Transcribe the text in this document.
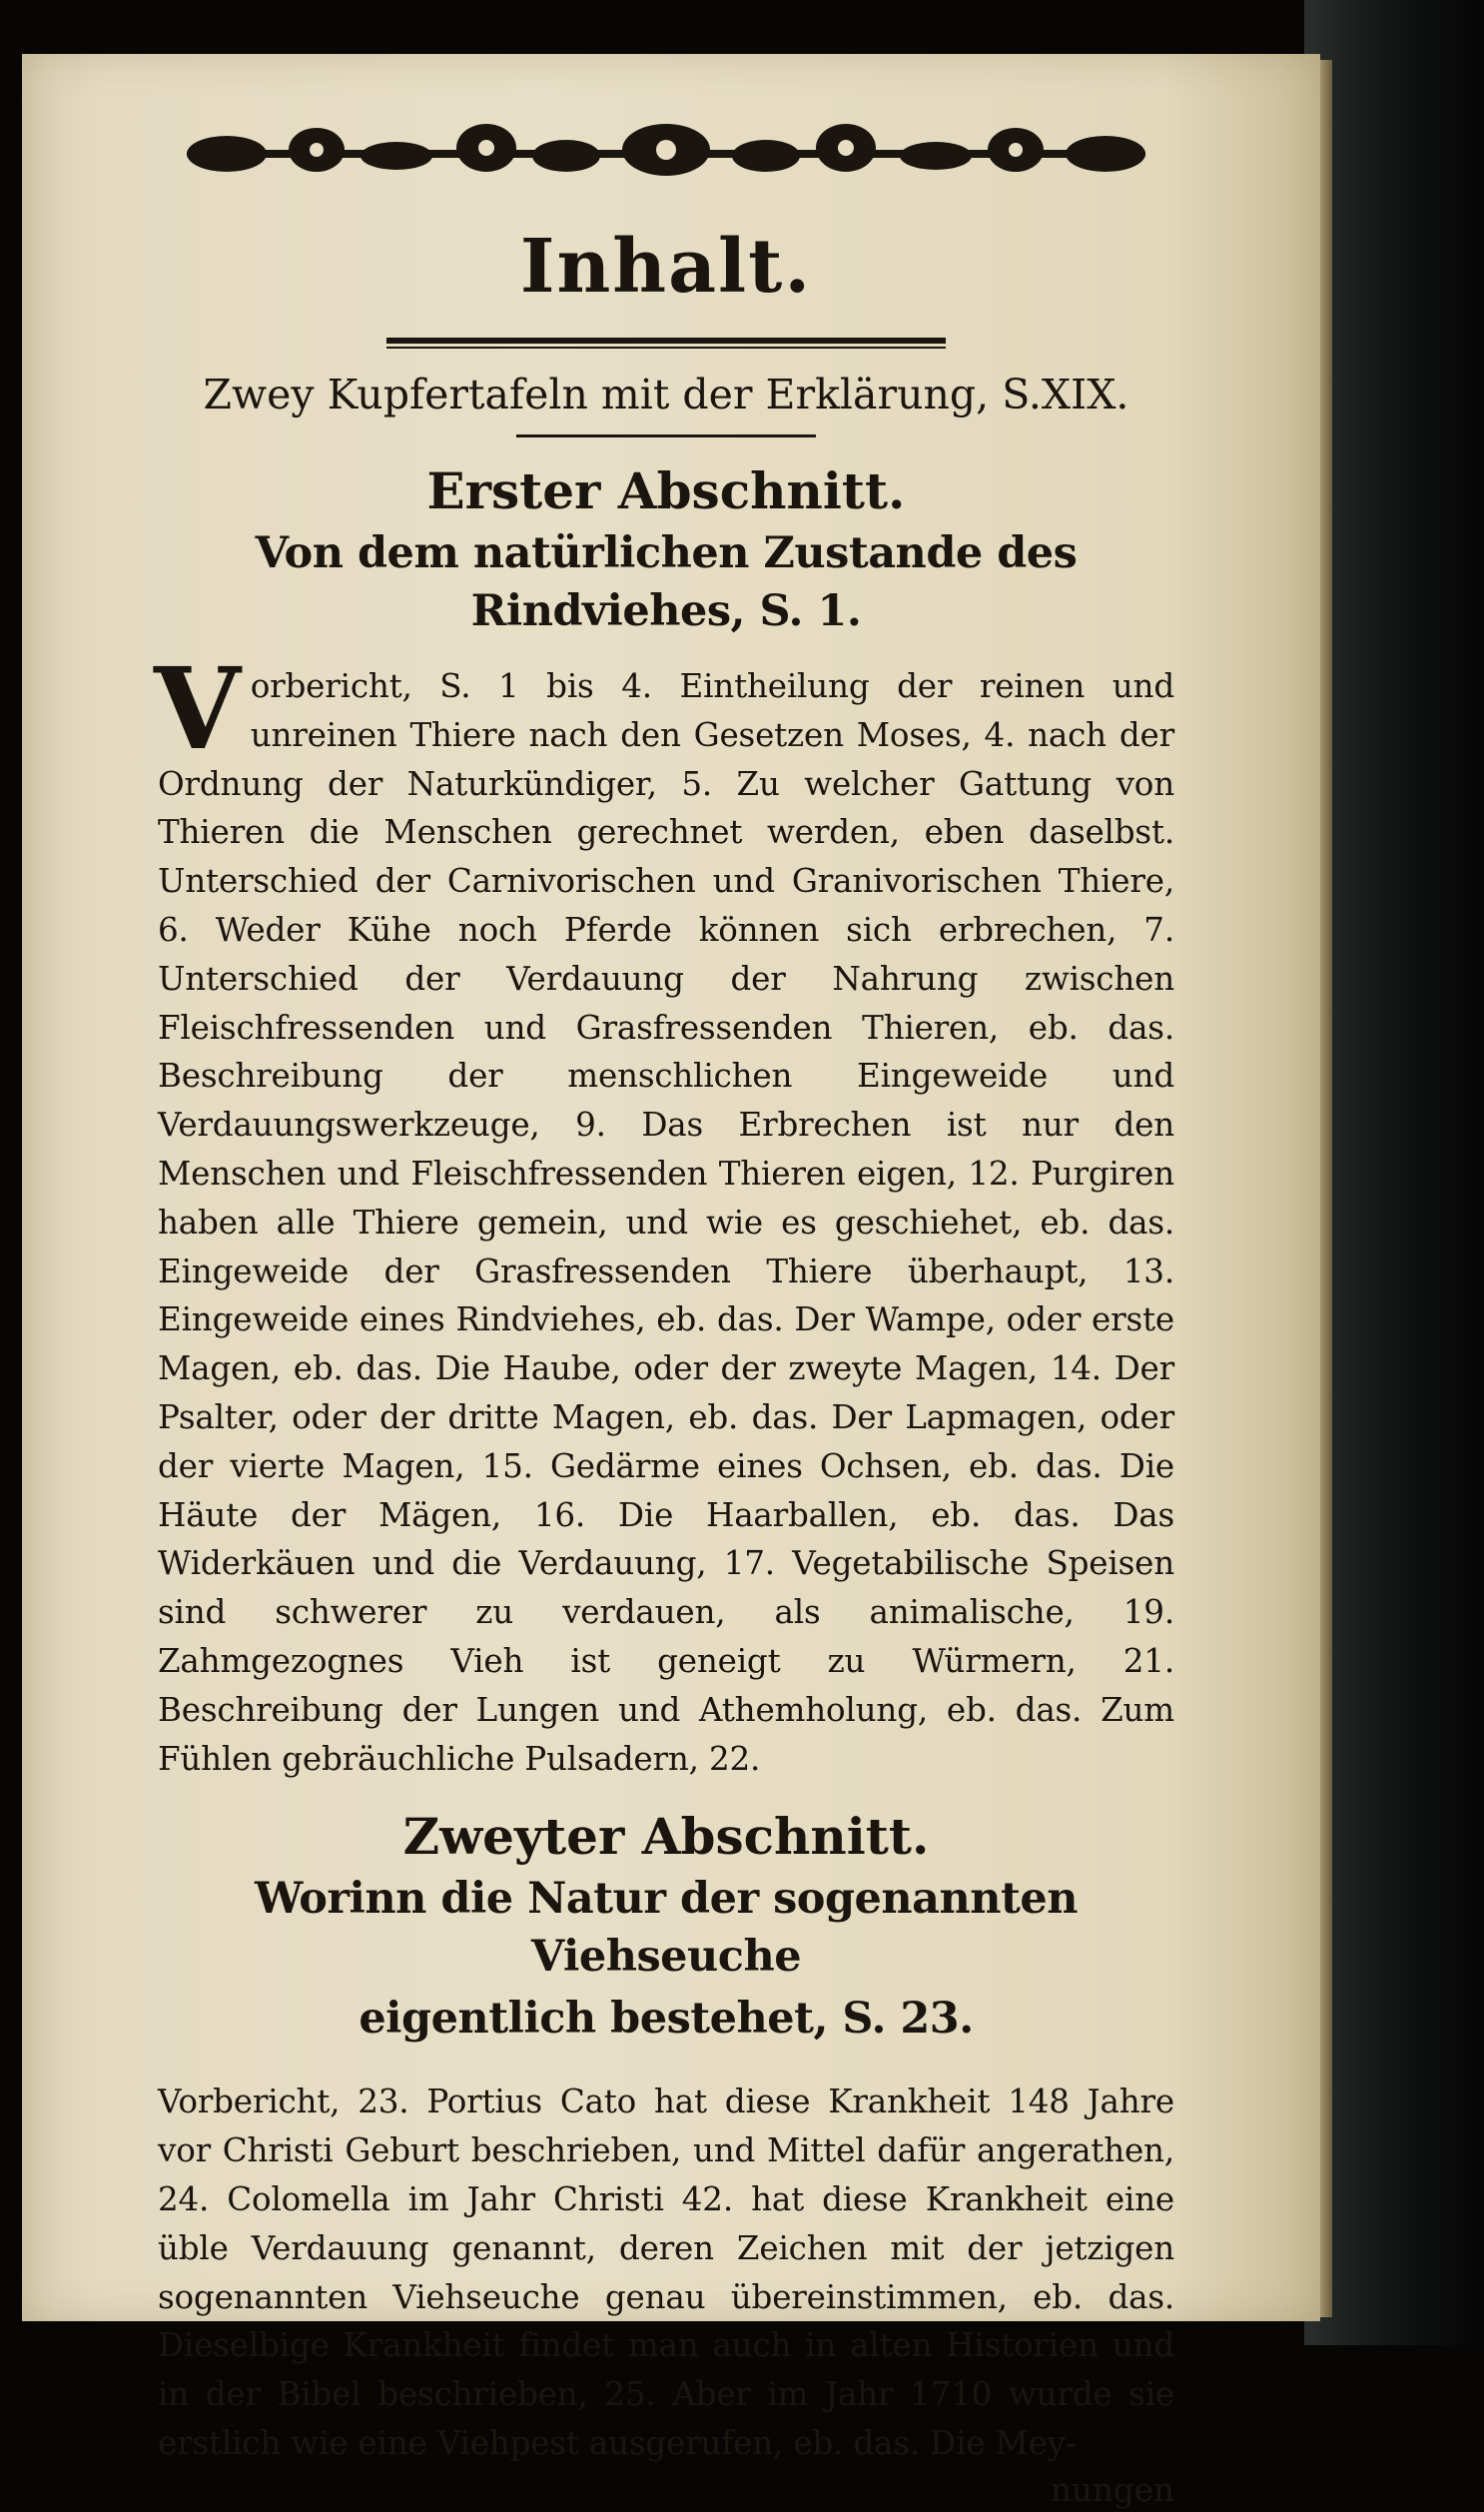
Inhalt.
Zwey Kupfertafeln mit der Erklärung, S.XIX.
Erster Abschnitt.
Von dem natürlichen Zustande des Rindviehes, S. 1.
V orbericht, S. 1 bis 4. Eintheilung der reinen und unreinen Thiere nach den Gesetzen Moses, 4. nach der Ordnung der Naturkündiger, 5. Zu welcher Gattung von Thieren die Menschen gerechnet werden, eben daselbst. Unterschied der Carnivorischen und Granivorischen Thiere, 6. Weder Kühe noch Pferde können sich erbrechen, 7. Unterschied der Verdauung der Nahrung zwischen Fleischfressenden und Grasfressenden Thieren, eb. das. Beschreibung der menschlichen Eingeweide und Verdauungswerkzeuge, 9. Das Erbrechen ist nur den Menschen und Fleischfressenden Thieren eigen, 12. Purgiren haben alle Thiere gemein, und wie es geschiehet, eb. das. Eingeweide der Grasfressenden Thiere überhaupt, 13. Eingeweide eines Rindviehes, eb. das. Der Wampe, oder erste Magen, eb. das. Die Haube, oder der zweyte Magen, 14. Der Psalter, oder der dritte Magen, eb. das. Der Lapmagen, oder der vierte Magen, 15. Gedärme eines Ochsen, eb. das. Die Häute der Mägen, 16. Die Haarballen, eb. das. Das Widerkäuen und die Verdauung, 17. Vegetabilische Speisen sind schwerer zu verdauen, als animalische, 19. Zahmgezognes Vieh ist geneigt zu Würmern, 21. Beschreibung der Lungen und Athemholung, eb. das. Zum Fühlen gebräuchliche Pulsadern, 22.
Zweyter Abschnitt.
Worinn die Natur der sogenannten Viehseuche
eigentlich bestehet, S. 23.
Vorbericht, 23. Portius Cato hat diese Krankheit 148 Jahre vor Christi Geburt beschrieben, und Mittel dafür angerathen, 24. Colomella im Jahr Christi 42. hat diese Krankheit eine üble Verdauung genannt, deren Zeichen mit der jetzigen sogenannten Viehseuche genau übereinstimmen, eb. das. Dieselbige Krankheit findet man auch in alten Historien und in der Bibel beschrieben, 25. Aber im Jahr 1710 wurde sie erstlich wie eine Viehpest ausgerufen, eb. das. Die Mey-
nungen
